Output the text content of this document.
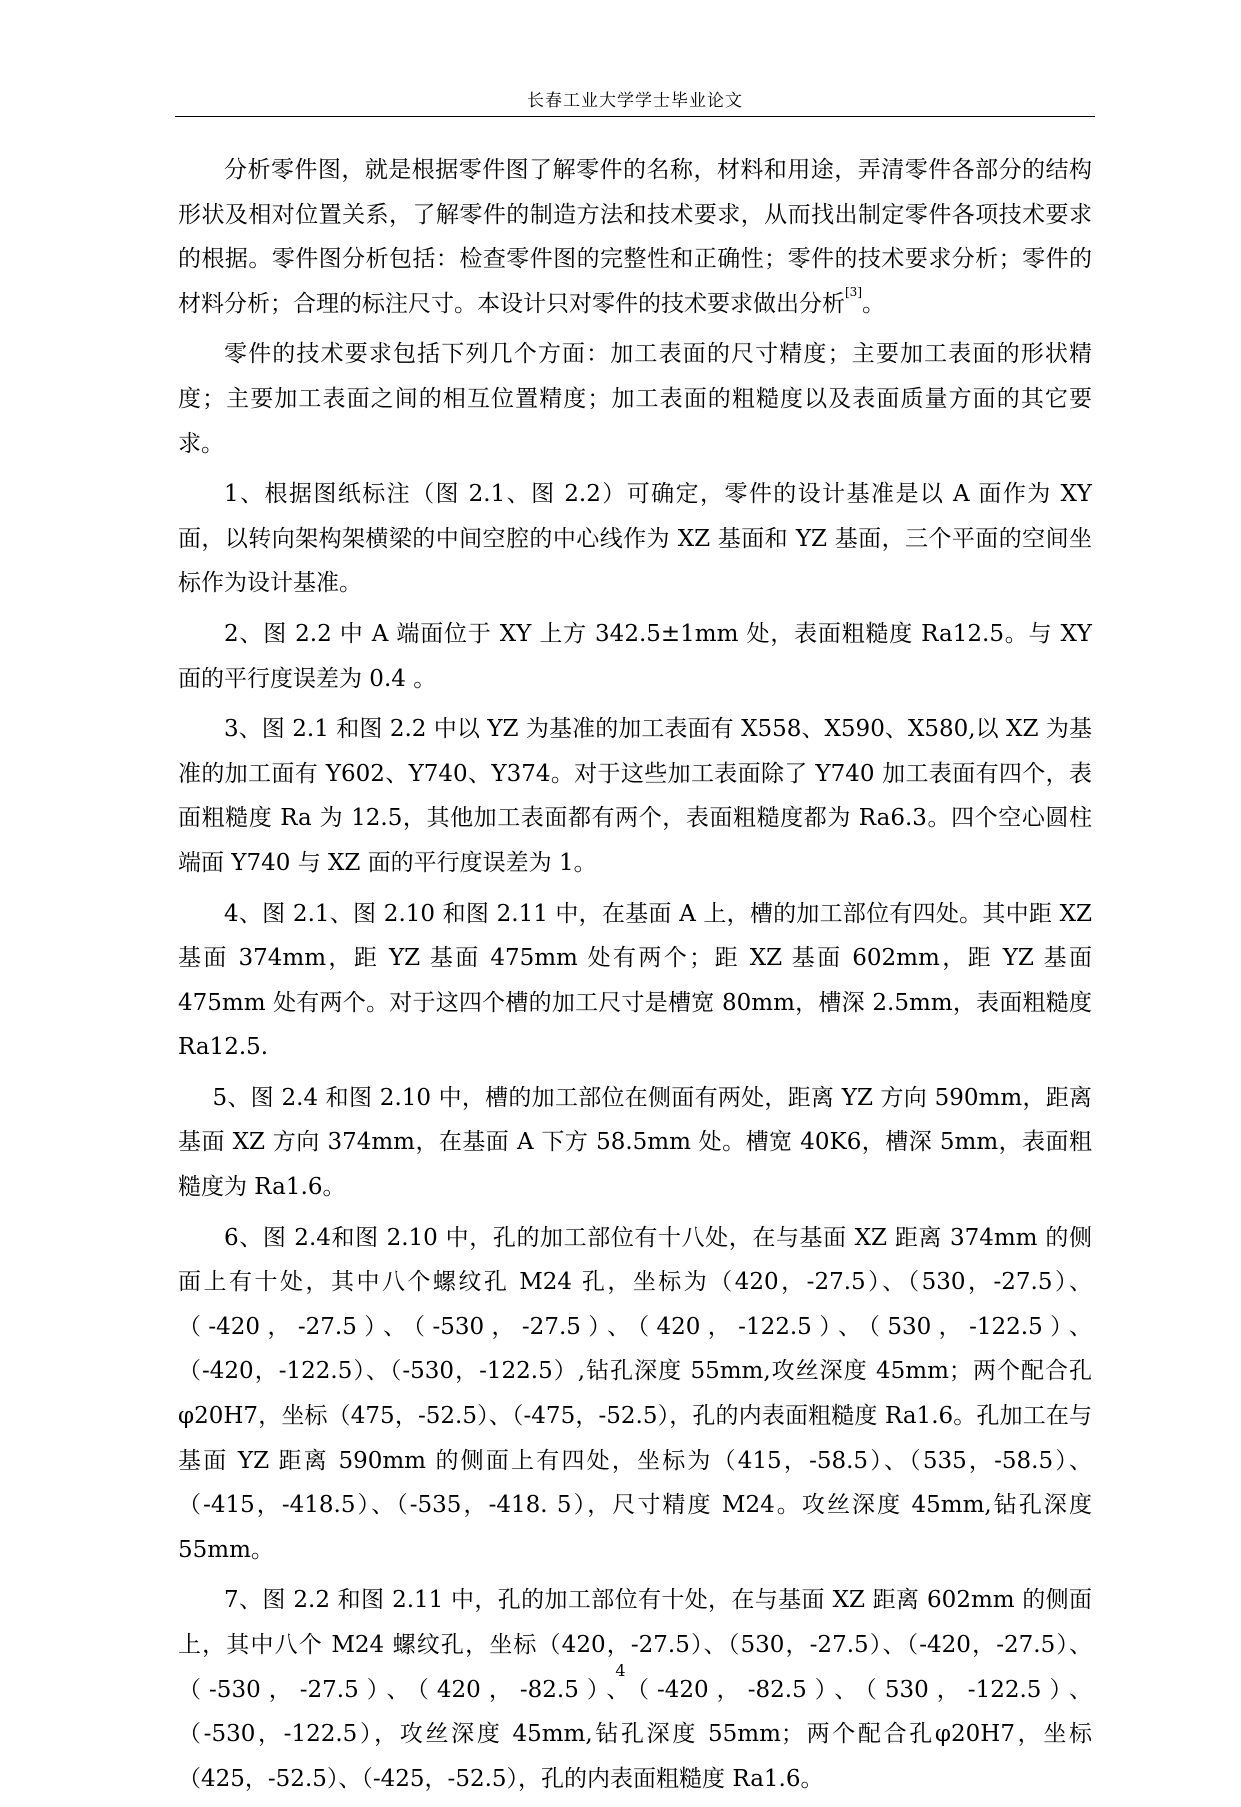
长春工业大学学士毕业论文

分析零件图，就是根据零件图了解零件的名称，材料和用途，弄清零件各部分的结构形状及相对位置关系，了解零件的制造方法和技术要求，从而找出制定零件各项技术要求的根据。零件图分析包括：检查零件图的完整性和正确性；零件的技术要求分析；零件的材料分析；合理的标注尺寸。本设计只对零件的技术要求做出分析[3]。

零件的技术要求包括下列几个方面：加工表面的尺寸精度；主要加工表面的形状精度；主要加工表面之间的相互位置精度；加工表面的粗糙度以及表面质量方面的其它要求。

1、根据图纸标注（图 2.1、图 2.2）可确定，零件的设计基准是以 A 面作为 XY 面，以转向架构架横梁的中间空腔的中心线作为 XZ 基面和 YZ 基面，三个平面的空间坐标作为设计基准。

2、图 2.2 中 A 端面位于 XY 上方 342.5±1mm 处，表面粗糙度 Ra12.5。与 XY 面的平行度误差为 0.4 。

3、图 2.1 和图 2.2 中以 YZ 为基准的加工表面有 X558、X590、X580,以 XZ 为基准的加工面有 Y602、Y740、Y374。对于这些加工表面除了 Y740 加工表面有四个，表面粗糙度 Ra 为 12.5，其他加工表面都有两个，表面粗糙度都为 Ra6.3。四个空心圆柱端面 Y740 与 XZ 面的平行度误差为 1。

4、图 2.1、图 2.10 和图 2.11 中，在基面 A 上，槽的加工部位有四处。其中距 XZ 基面 374mm，距 YZ 基面 475mm 处有两个；距 XZ 基面 602mm，距 YZ 基面 475mm 处有两个。对于这四个槽的加工尺寸是槽宽 80mm，槽深 2.5mm，表面粗糙度 Ra12.5.

5、图 2.4 和图 2.10 中，槽的加工部位在侧面有两处，距离 YZ 方向 590mm，距离基面 XZ 方向 374mm，在基面 A 下方 58.5mm 处。槽宽 40K6，槽深 5mm，表面粗糙度为 Ra1.6。

6、图 2.4和图 2.10 中，孔的加工部位有十八处，在与基面 XZ 距离 374mm 的侧面上有十处，其中八个螺纹孔 M24 孔，坐标为（420，-27.5）、（530，-27.5）、（-420，-27.5）、（-530，-27.5）、（420，-122.5）、（530，-122.5）、（-420，-122.5）、（-530，-122.5）,钻孔深度 55mm,攻丝深度 45mm；两个配合孔φ20H7，坐标（475，-52.5）、（-475，-52.5），孔的内表面粗糙度 Ra1.6。孔加工在与基面 YZ 距离 590mm 的侧面上有四处，坐标为（415，-58.5）、（535，-58.5）、（-415，-418.5）、（-535，-418. 5），尺寸精度 M24。攻丝深度 45mm,钻孔深度 55mm。

7、图 2.2 和图 2.11 中，孔的加工部位有十处，在与基面 XZ 距离 602mm 的侧面上，其中八个 M24 螺纹孔，坐标（420，-27.5）、（530，-27.5）、（-420，-27.5）、（-530，-27.5）、（420，-82.5）、（-420，-82.5）、（530，-122.5）、（-530，-122.5），攻丝深度 45mm,钻孔深度 55mm；两个配合孔φ20H7，坐标（425，-52.5）、（-425，-52.5），孔的内表面粗糙度 Ra1.6。

4
